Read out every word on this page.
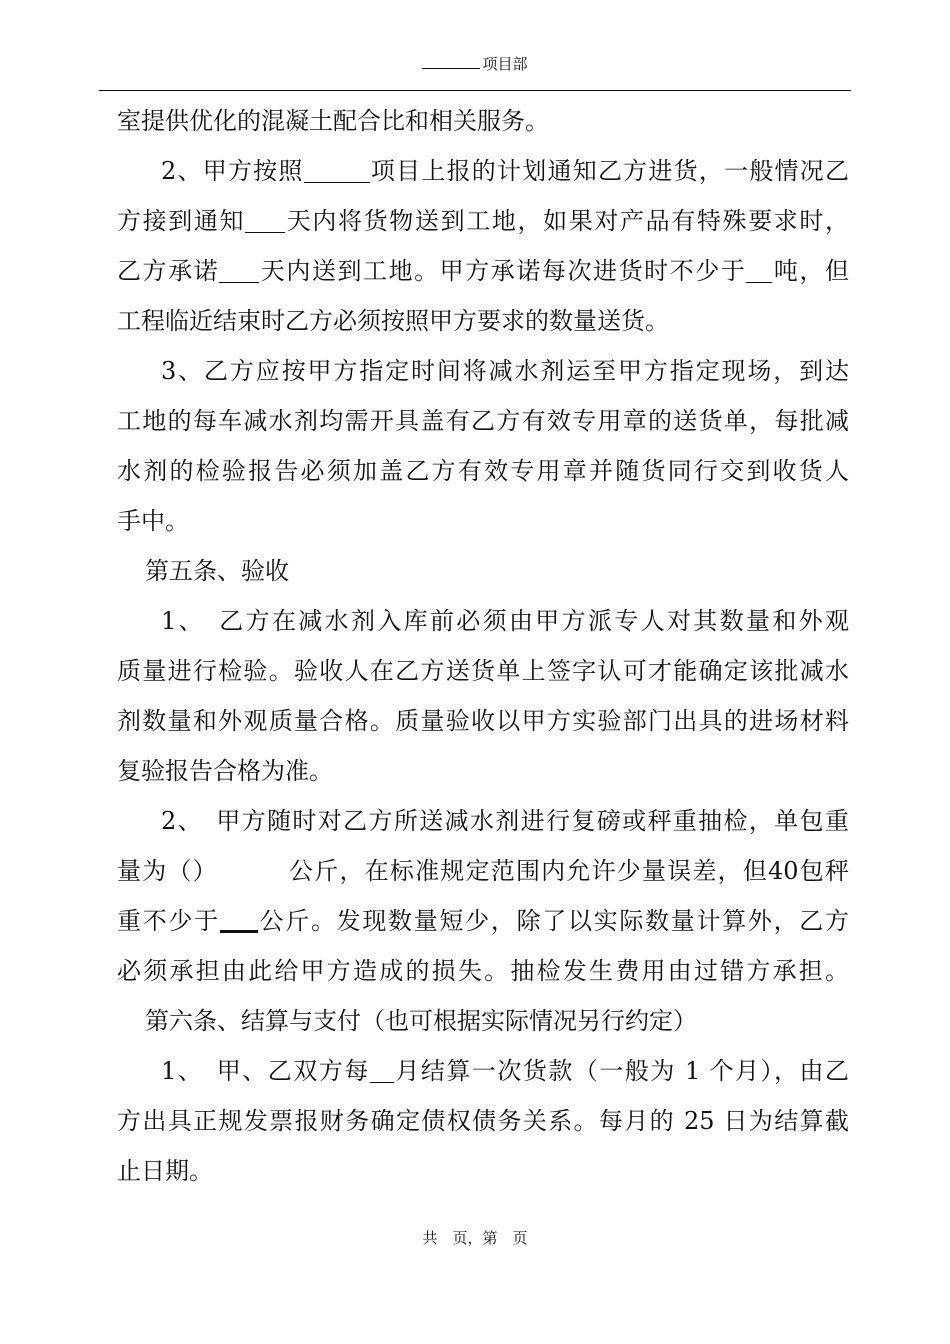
项目部
室提供优化的混凝土配合比和相关服务。
2、甲方按照	项目上报的计划通知乙方进货，一般情况乙
方接到通知 天内将货物送到工地，如果对产品有特殊要求时，
乙方承诺 天内送到工地。甲方承诺每次进货时不少于 吨，但
工程临近结束时乙方必须按照甲方要求的数量送货。
3、乙方应按甲方指定时间将减水剂运至甲方指定现场，到达
工地的每车减水剂均需开具盖有乙方有效专用章的送货单，每批减
水剂的检验报告必须加盖乙方有效专用章并随货同行交到收货人
手中。
第五条、验收
1、　乙方在减水剂入库前必须由甲方派专人对其数量和外观
质量进行检验。验收人在乙方送货单上签字认可才能确定该批减水
剂数量和外观质量合格。质量验收以甲方实验部门出具的进场材料
复验报告合格为准。
2、　甲方随时对乙方所送减水剂进行复磅或秤重抽检，单包重
量为（）	公斤，在标准规定范围内允许少量误差，但40包秤
重不少于 公斤。发现数量短少，除了以实际数量计算外，乙方
必须承担由此给甲方造成的损失。抽检发生费用由过错方承担。
第六条、结算与支付（也可根据实际情况另行约定）
1、　甲、乙双方每 月结算一次货款（一般为 1 个月），由乙
方出具正规发票报财务确定债权债务关系。每月的 25 日为结算截
止日期。
共　页，第　页
